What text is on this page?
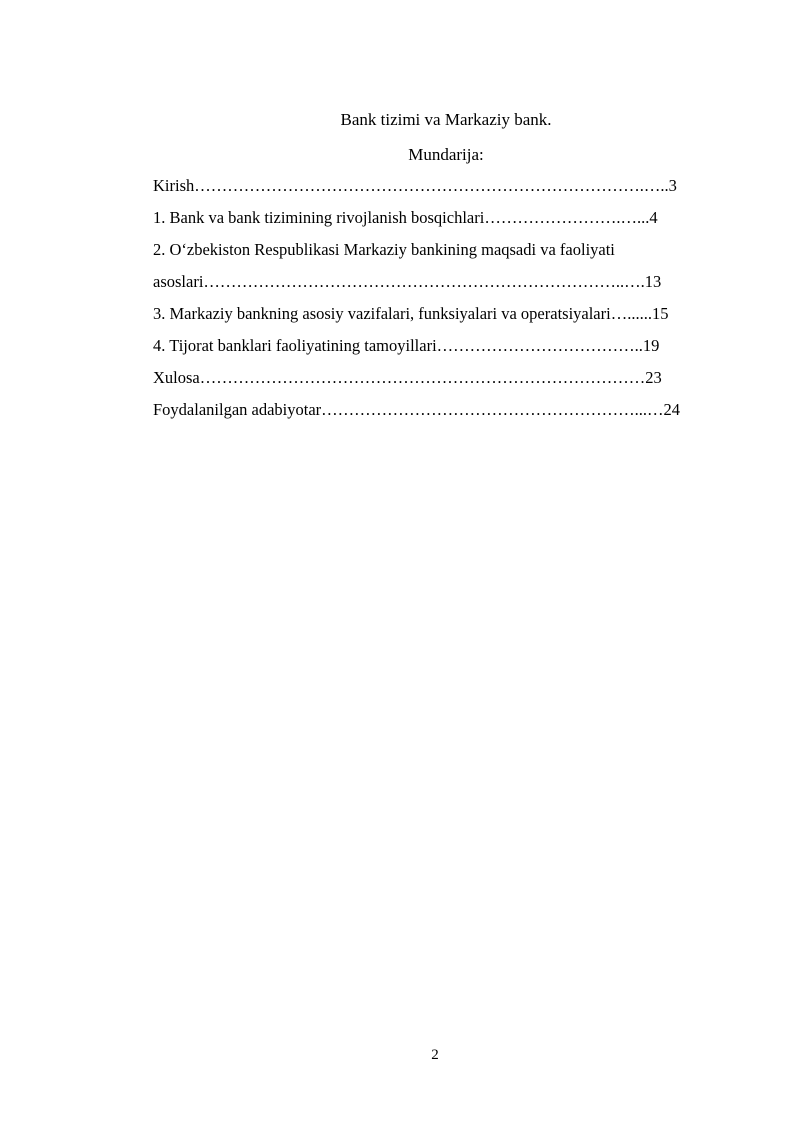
Bank tizimi va Markaziy bank.
Mundarija:
Kirish……………………………………………………………………….…..3
1. Bank va bank tizimining rivojlanish bosqichlari…………………….…...4
2. O‘zbekiston Respublikasi Markaziy bankining maqsadi va faoliyati
asoslari…………………………………………………………………..….13
3. Markaziy bankning asosiy vazifalari, funksiyalari va operatsiyalari…......15
4. Tijorat banklari faoliyatining tamoyillari………………………………..19
Xulosa………………………………………………………………………23
Foydalanilgan adabiyotar…………………………………………………...…24
2
